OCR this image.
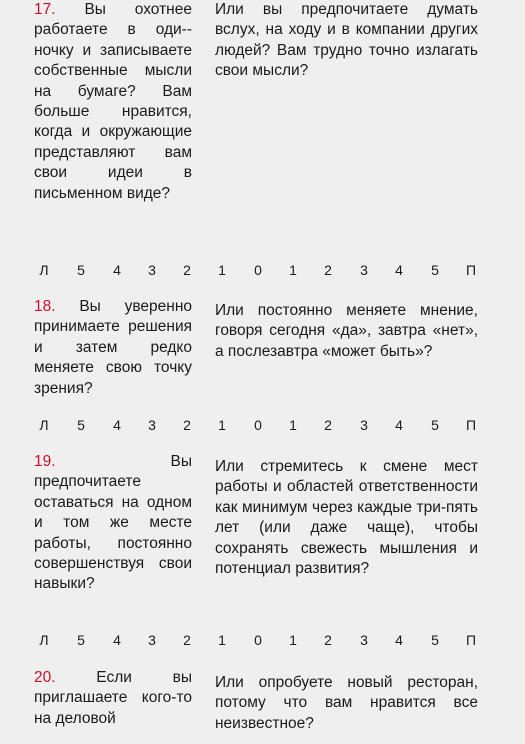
17. Вы охотнее работаете в оди-- ночку и записываете собственные мысли на бумаге? Вам больше нравится, когда и окружающие представляют вам свои идеи в письменном виде?
Или вы предпочитаете думать вслух, на ходу и в компании других людей? Вам трудно точно излагать свои мысли?
Л	5	4	3	2	1	0	1	2	3	4	5	П
18. Вы уверенно принимаете решения и затем редко меняете свою точку зрения?
Или постоянно меняете мнение, говоря сегодня «да», завтра «нет», а послезавтра «может быть»?
Л	5	4	3	2	1	0	1	2	3	4	5	П
19.	Вы предпочитаете оставаться на одном и том же месте работы, постоянно совершенствуя свои навыки?
Или стремитесь к смене мест работы и областей ответственности как минимум через каждые три-пять лет (или даже чаще), чтобы сохранять свежесть мышления и потенциал развития?
Л	5	4	3	2	1	0	1	2	3	4	5	П
20.	Если вы приглашаете кого-то на деловой
Или опробуете новый ресторан, потому что вам нравится все неизвестное?
